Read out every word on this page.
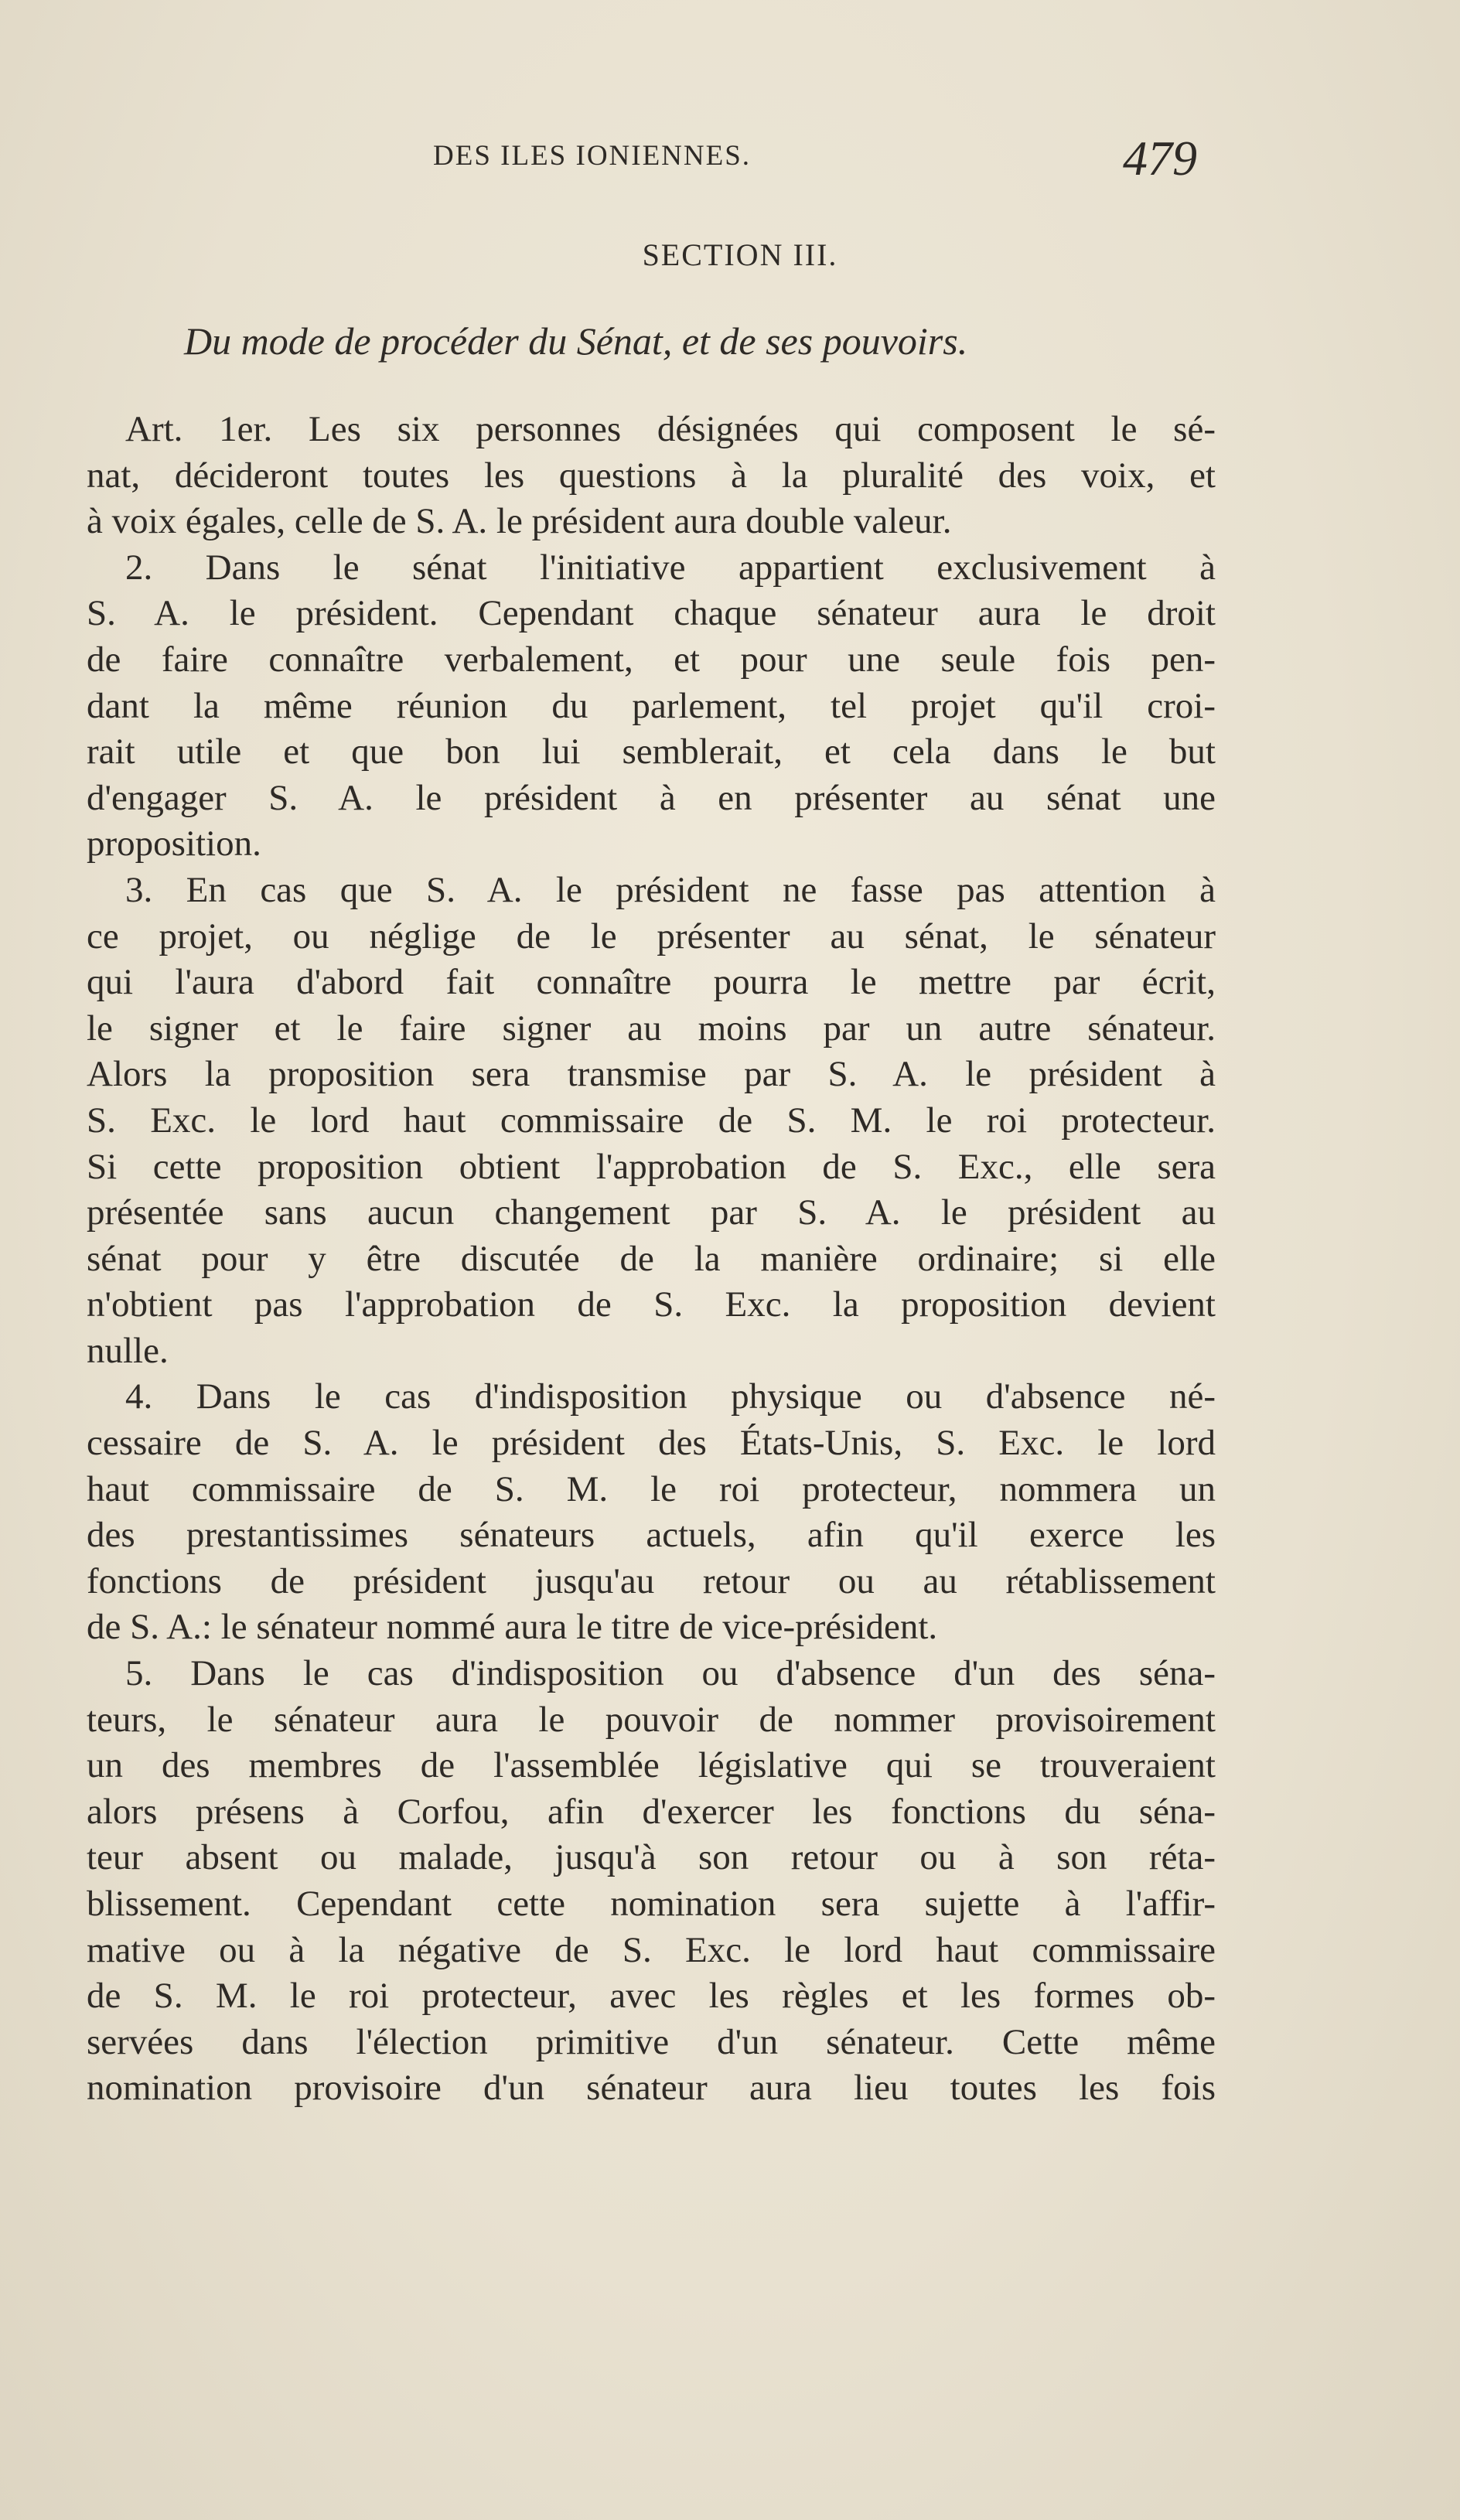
DES ILES IONIENNES.	479
SECTION III.
Du mode de procéder du Sénat, et de ses pouvoirs.
Art. 1er. Les six personnes désignées qui composent le sé-
nat, décideront toutes les questions à la pluralité des voix, et
à voix égales, celle de S. A. le président aura double valeur.
2. Dans le sénat l'initiative appartient exclusivement à
S. A. le président. Cependant chaque sénateur aura le droit
de faire connaître verbalement, et pour une seule fois pen-
dant la même réunion du parlement, tel projet qu'il croi-
rait utile et que bon lui semblerait, et cela dans le but
d'engager S. A. le président à en présenter au sénat une
proposition.
3. En cas que S. A. le président ne fasse pas attention à
ce projet, ou néglige de le présenter au sénat, le sénateur
qui l'aura d'abord fait connaître pourra le mettre par écrit,
le signer et le faire signer au moins par un autre sénateur.
Alors la proposition sera transmise par S. A. le président à
S. Exc. le lord haut commissaire de S. M. le roi protecteur.
Si cette proposition obtient l'approbation de S. Exc., elle sera
présentée sans aucun changement par S. A. le président au
sénat pour y être discutée de la manière ordinaire; si elle
n'obtient pas l'approbation de S. Exc. la proposition devient
nulle.
4. Dans le cas d'indisposition physique ou d'absence né-
cessaire de S. A. le président des États-Unis, S. Exc. le lord
haut commissaire de S. M. le roi protecteur, nommera un
des prestantissimes sénateurs actuels, afin qu'il exerce les
fonctions de président jusqu'au retour ou au rétablissement
de S. A.: le sénateur nommé aura le titre de vice-président.
5. Dans le cas d'indisposition ou d'absence d'un des séna-
teurs, le sénateur aura le pouvoir de nommer provisoirement
un des membres de l'assemblée législative qui se trouveraient
alors présens à Corfou, afin d'exercer les fonctions du séna-
teur absent ou malade, jusqu'à son retour ou à son réta-
blissement. Cependant cette nomination sera sujette à l'affir-
mative ou à la négative de S. Exc. le lord haut commissaire
de S. M. le roi protecteur, avec les règles et les formes ob-
servées dans l'élection primitive d'un sénateur. Cette même
nomination provisoire d'un sénateur aura lieu toutes les fois
